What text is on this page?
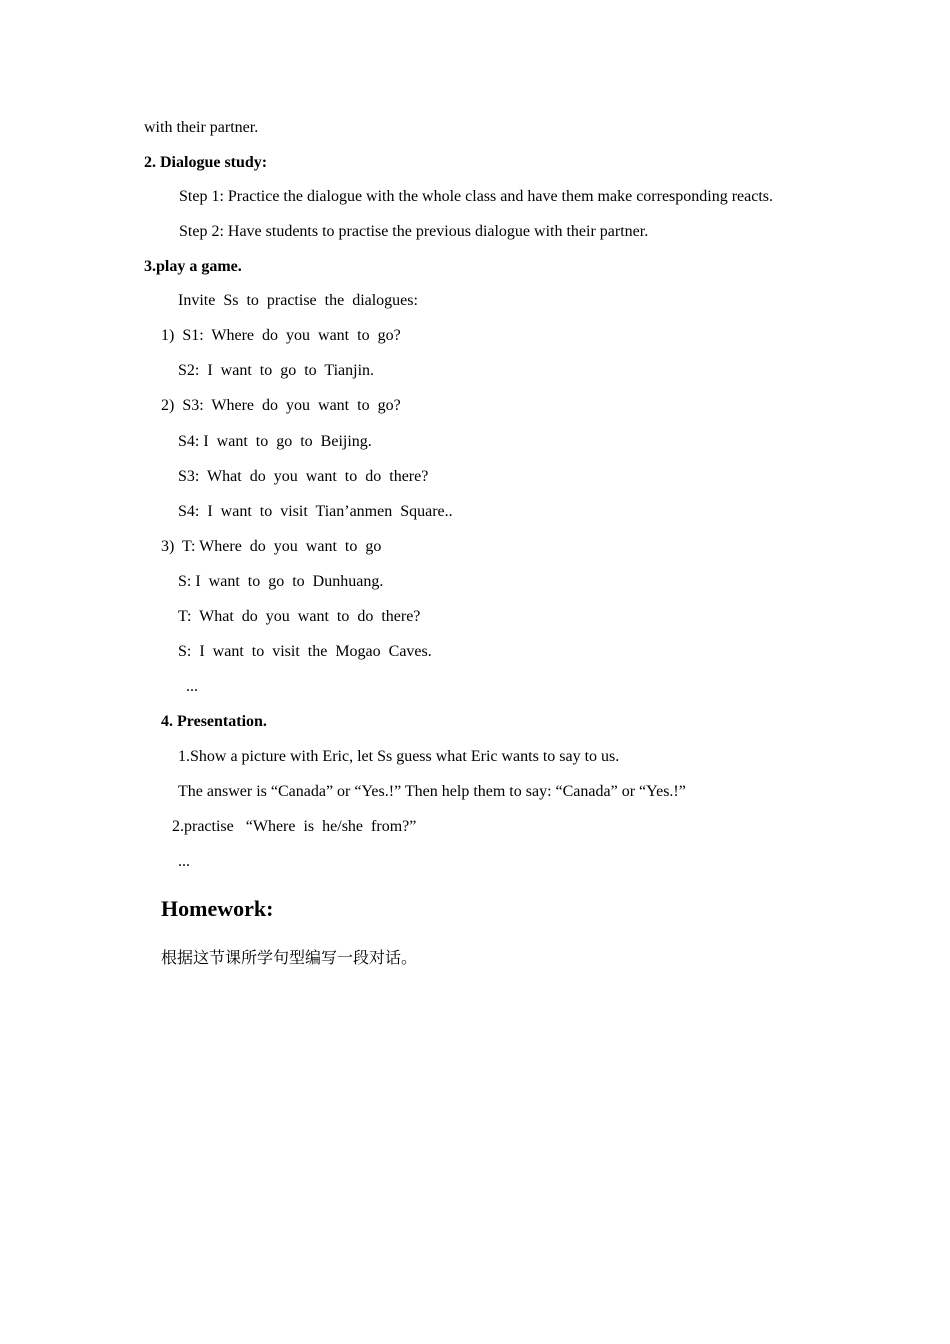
with their partner.
2. Dialogue study:
Step 1: Practice the dialogue with the whole class and have them make corresponding reacts.
Step 2: Have students to practise the previous dialogue with their partner.
3.play a game.
Invite  Ss  to  practise  the  dialogues:
1)  S1:  Where  do  you  want  to  go?
S2:  I  want  to  go  to  Tianjin.
2)  S3:  Where  do  you  want  to  go?
S4: I  want  to  go  to  Beijing.
S3:  What  do  you  want  to  do  there?
S4:  I  want  to  visit  Tian’anmen  Square..
3)  T: Where  do  you  want  to  go
S: I  want  to  go  to  Dunhuang.
T:  What  do  you  want  to  do  there?
S:  I  want  to  visit  the  Mogao  Caves.
...
4. Presentation.
1.Show a picture with Eric, let Ss guess what Eric wants to say to us.
The answer is “Canada” or “Yes.!” Then help them to say: “Canada” or “Yes.!”
2.practise   “Where  is  he/she  from?”
...
Homework:
根据这节课所学句型编写一段对话。
